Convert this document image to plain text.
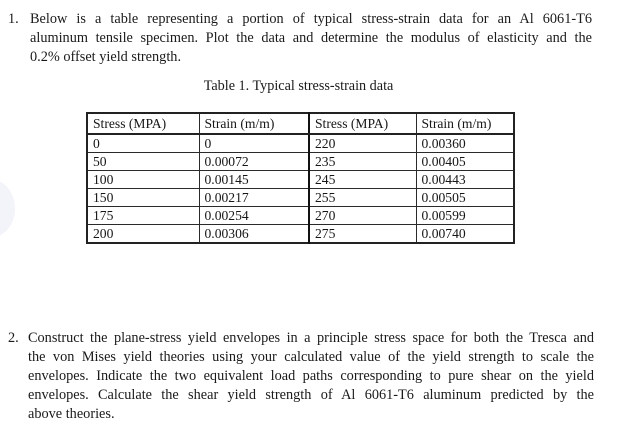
1. Below is a table representing a portion of typical stress-strain data for an Al 6061-T6
aluminum tensile specimen. Plot the data and determine the modulus of elasticity and the
0.2% offset yield strength.
Table 1. Typical stress-strain data
Stress (MPA)	Strain (m/m)	Stress (MPA)	Strain (m/m)
0	0	220	0.00360
50	0.00072	235	0.00405
100	0.00145	245	0.00443
150	0.00217	255	0.00505
175	0.00254	270	0.00599
200	0.00306	275	0.00740
2. Construct the plane-stress yield envelopes in a principle stress space for both the Tresca and
the von Mises yield theories using your calculated value of the yield strength to scale the
envelopes. Indicate the two equivalent load paths corresponding to pure shear on the yield
envelopes. Calculate the shear yield strength of Al 6061-T6 aluminum predicted by the
above theories.
